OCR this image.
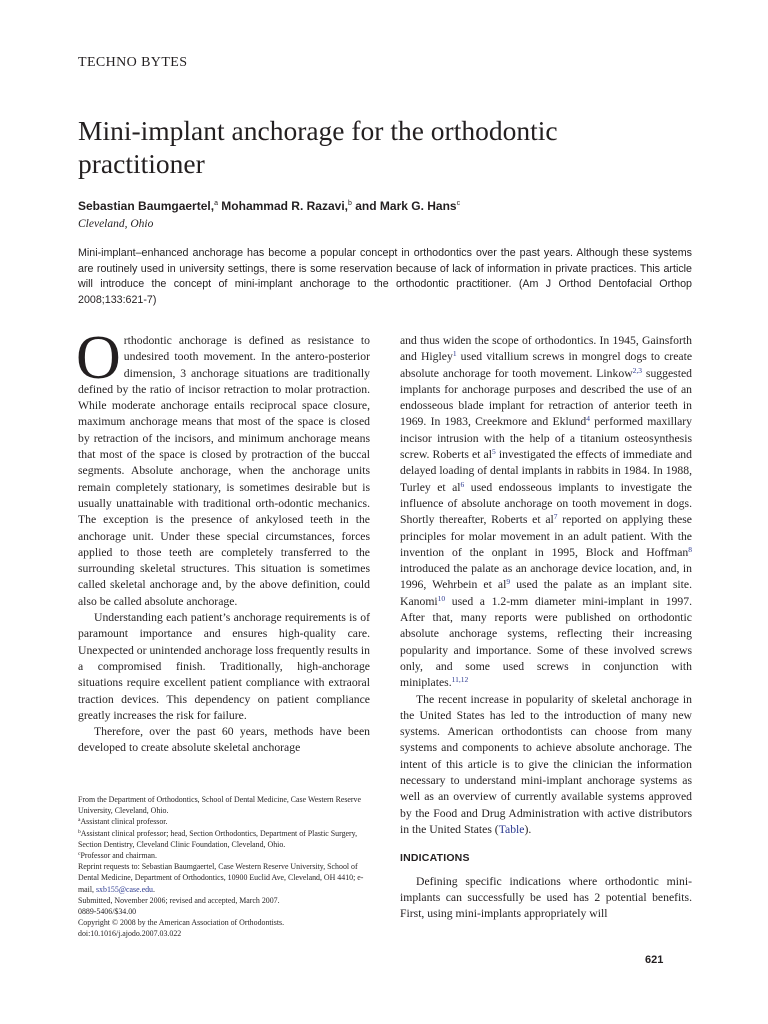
TECHNO BYTES
Mini-implant anchorage for the orthodontic practitioner
Sebastian Baumgaertel,$^a$ Mohammad R. Razavi,$^b$ and Mark G. Hans$^c$
Cleveland, Ohio

Mini-implant–enhanced anchorage has become a popular concept in orthodontics over the past years. Although these systems are routinely used in university settings, there is some reservation because of lack of information in private practices. This article will introduce the concept of mini-implant anchorage to the orthodontic practitioner. (Am J Orthod Dentofacial Orthop 2008;133:621-7)

Orthodontic anchorage is defined as resistance to undesired tooth movement. In the antero-posterior dimension, 3 anchorage situations are traditionally defined by the ratio of incisor retraction to molar protraction. While moderate anchorage entails reciprocal space closure, maximum anchorage means that most of the space is closed by retraction of the incisors, and minimum anchorage means that most of the space is closed by protraction of the buccal segments. Absolute anchorage, when the anchorage units remain completely stationary, is sometimes desirable but is usually unattainable with traditional orth-odontic mechanics. The exception is the presence of ankylosed teeth in the anchorage unit. Under these special circumstances, forces applied to those teeth are completely transferred to the surrounding skeletal structures. This situation is sometimes called skeletal anchorage and, by the above definition, could also be called absolute anchorage.

Understanding each patient’s anchorage requirements is of paramount importance and ensures high-quality care. Unexpected or unintended anchorage loss frequently results in a compromised finish. Traditionally, high-anchorage situations require excellent patient compliance with extraoral traction devices. This dependency on patient compliance greatly increases the risk for failure.

Therefore, over the past 60 years, methods have been developed to create absolute skeletal anchorage

From the Department of Orthodontics, School of Dental Medicine, Case Western Reserve University, Cleveland, Ohio.
$^a$Assistant clinical professor.
$^b$Assistant clinical professor; head, Section Orthodontics, Department of Plastic Surgery, Section Dentistry, Cleveland Clinic Foundation, Cleveland, Ohio.
$^c$Professor and chairman.
Reprint requests to: Sebastian Baumgaertel, Case Western Reserve University, School of Dental Medicine, Department of Orthodontics, 10900 Euclid Ave, Cleveland, OH 4410; e-mail, sxb155@case.edu.
Submitted, November 2006; revised and accepted, March 2007.
0889-5406/$34.00
Copyright © 2008 by the American Association of Orthodontists.
doi:10.1016/j.ajodo.2007.03.022

and thus widen the scope of orthodontics. In 1945, Gainsforth and Higley$^1$ used vitallium screws in mongrel dogs to create absolute anchorage for tooth movement. Linkow$^{2,3}$ suggested implants for anchorage purposes and described the use of an endosseous blade implant for retraction of anterior teeth in 1969. In 1983, Creekmore and Eklund$^4$ performed maxillary incisor intrusion with the help of a titanium osteosynthesis screw. Roberts et al$^5$ investigated the effects of immediate and delayed loading of dental implants in rabbits in 1984. In 1988, Turley et al$^6$ used endosseous implants to investigate the influence of absolute anchorage on tooth movement in dogs. Shortly thereafter, Roberts et al$^7$ reported on applying these principles for molar movement in an adult patient. With the invention of the onplant in 1995, Block and Hoffman$^8$ introduced the palate as an anchorage device location, and, in 1996, Wehrbein et al$^9$ used the palate as an implant site. Kanomi$^{10}$ used a 1.2-mm diameter mini-implant in 1997. After that, many reports were published on orthodontic absolute anchorage systems, reflecting their increasing popularity and importance. Some of these involved screws only, and some used screws in conjunction with miniplates.$^{11,12}$

The recent increase in popularity of skeletal anchorage in the United States has led to the introduction of many new systems. American orthodontists can choose from many systems and components to achieve absolute anchorage. The intent of this article is to give the clinician the information necessary to understand mini-implant anchorage systems as well as an overview of currently available systems approved by the Food and Drug Administration with active distributors in the United States (Table).

INDICATIONS

Defining specific indications where orthodontic mini-implants can successfully be used has 2 potential benefits. First, using mini-implants appropriately will

621
